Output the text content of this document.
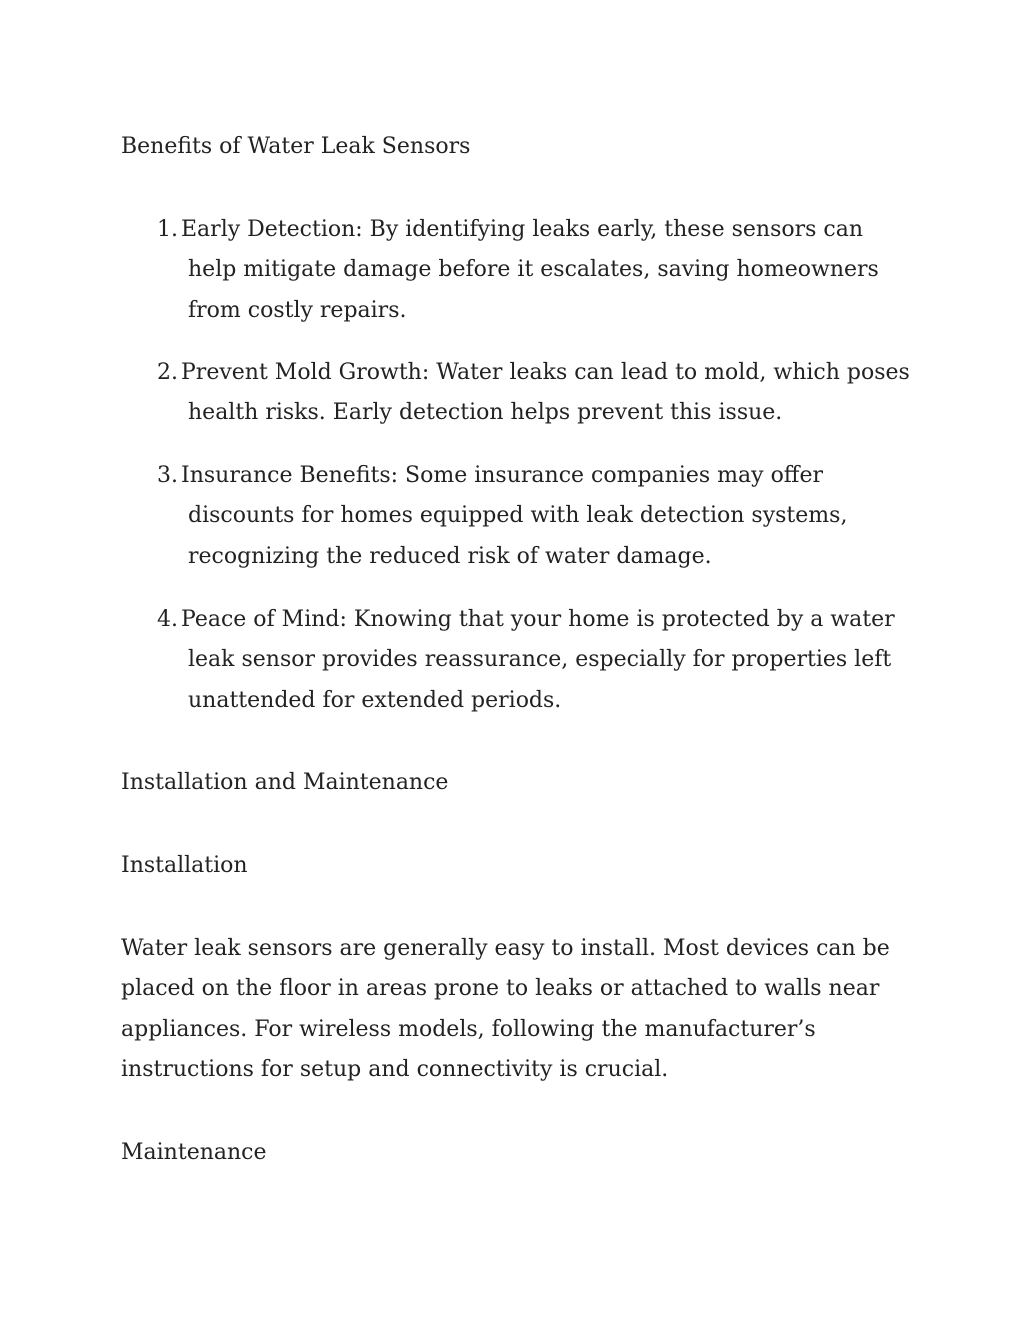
Benefits of Water Leak Sensors
1. Early Detection: By identifying leaks early, these sensors can help mitigate damage before it escalates, saving homeowners from costly repairs.
2. Prevent Mold Growth: Water leaks can lead to mold, which poses health risks. Early detection helps prevent this issue.
3. Insurance Benefits: Some insurance companies may offer discounts for homes equipped with leak detection systems, recognizing the reduced risk of water damage.
4. Peace of Mind: Knowing that your home is protected by a water leak sensor provides reassurance, especially for properties left unattended for extended periods.
Installation and Maintenance
Installation

Water leak sensors are generally easy to install. Most devices can be placed on the floor in areas prone to leaks or attached to walls near appliances. For wireless models, following the manufacturer’s instructions for setup and connectivity is crucial.

Maintenance
